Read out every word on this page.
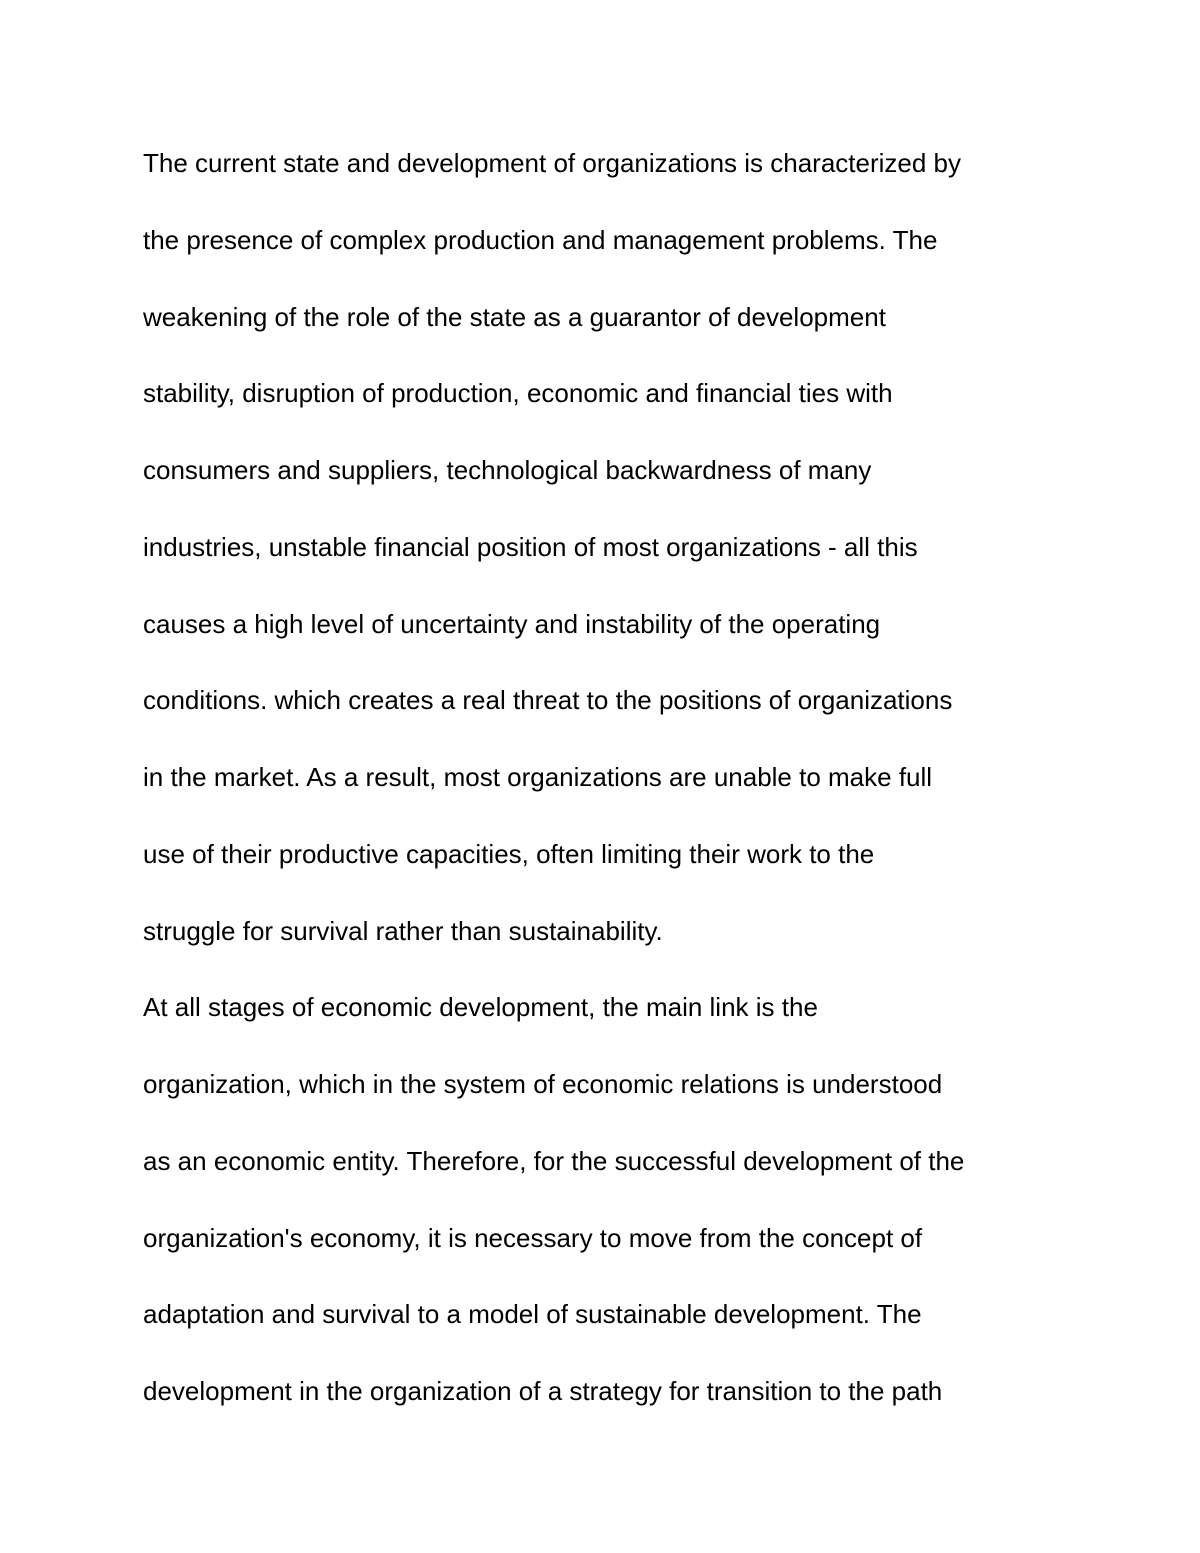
The current state and development of organizations is characterized by
the presence of complex production and management problems. The
weakening of the role of the state as a guarantor of development
stability, disruption of production, economic and financial ties with
consumers and suppliers, technological backwardness of many
industries, unstable financial position of most organizations - all this
causes a high level of uncertainty and instability of the operating
conditions. which creates a real threat to the positions of organizations
in the market. As a result, most organizations are unable to make full
use of their productive capacities, often limiting their work to the
struggle for survival rather than sustainability.
At all stages of economic development, the main link is the
organization, which in the system of economic relations is understood
as an economic entity. Therefore, for the successful development of the
organization's economy, it is necessary to move from the concept of
adaptation and survival to a model of sustainable development. The
development in the organization of a strategy for transition to the path
